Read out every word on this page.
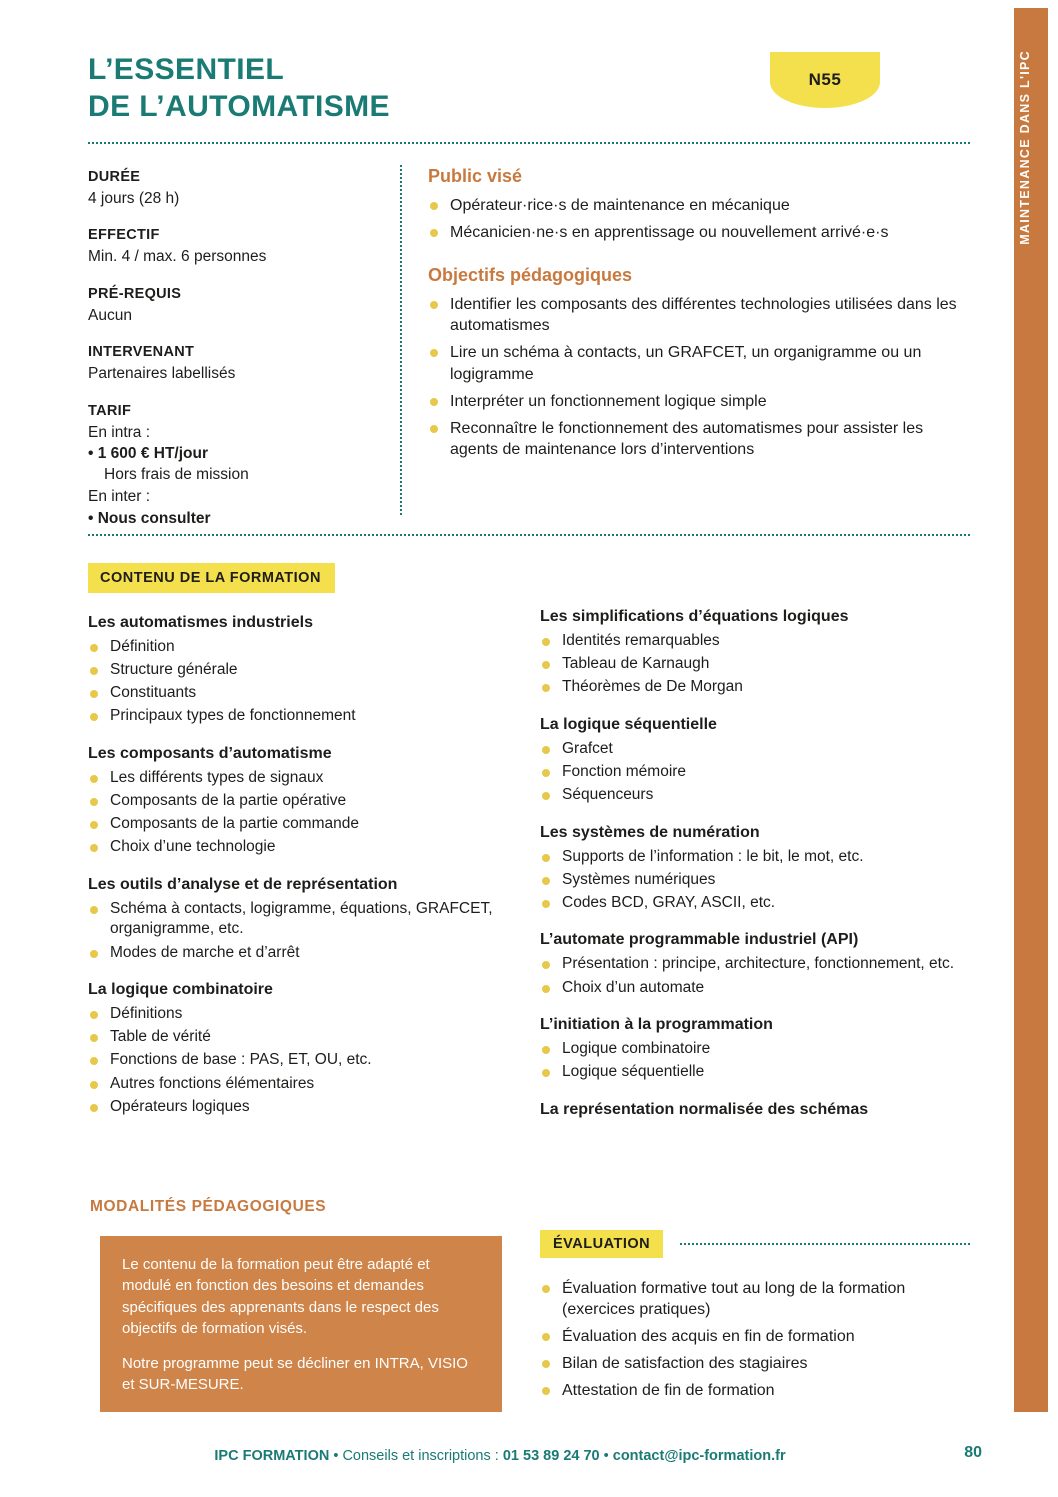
MAINTENANCE DANS L'IPC
L’ESSENTIEL
DE L’AUTOMATISME
N55
DURÉE
4 jours (28 h)
EFFECTIF
Min. 4 / max. 6 personnes
PRÉ-REQUIS
Aucun
INTERVENANT
Partenaires labellisés
TARIF
En intra :
• 1 600 € HT/jour
Hors frais de mission
En inter :
• Nous consulter
Public visé
Opérateur·rice·s de maintenance en mécanique
Mécanicien·ne·s en apprentissage ou nouvellement arrivé·e·s
Objectifs pédagogiques
Identifier les composants des différentes technologies utilisées dans les automatismes
Lire un schéma à contacts, un GRAFCET, un organigramme ou un logigramme
Interpréter un fonctionnement logique simple
Reconnaître le fonctionnement des automatismes pour assister les agents de maintenance lors d’interventions
CONTENU DE LA FORMATION
Les automatismes industriels
Définition
Structure générale
Constituants
Principaux types de fonctionnement
Les composants d’automatisme
Les différents types de signaux
Composants de la partie opérative
Composants de la partie commande
Choix d’une technologie
Les outils d’analyse et de représentation
Schéma à contacts, logigramme, équations, GRAFCET, organigramme, etc.
Modes de marche et d’arrêt
La logique combinatoire
Définitions
Table de vérité
Fonctions de base : PAS, ET, OU, etc.
Autres fonctions élémentaires
Opérateurs logiques
Les simplifications d’équations logiques
Identités remarquables
Tableau de Karnaugh
Théorèmes de De Morgan
La logique séquentielle
Grafcet
Fonction mémoire
Séquenceurs
Les systèmes de numération
Supports de l’information : le bit, le mot, etc.
Systèmes numériques
Codes BCD, GRAY, ASCII, etc.
L’automate programmable industriel (API)
Présentation : principe, architecture, fonctionnement, etc.
Choix d’un automate
L’initiation à la programmation
Logique combinatoire
Logique séquentielle
La représentation normalisée des schémas
MODALITÉS PÉDAGOGIQUES

Le contenu de la formation peut être adapté et modulé en fonction des besoins et demandes spécifiques des apprenants dans le respect des objectifs de formation visés.

Notre programme peut se décliner en INTRA, VISIO et SUR-MESURE.

ÉVALUATION
Évaluation formative tout au long de la formation (exercices pratiques)
Évaluation des acquis en fin de formation
Bilan de satisfaction des stagiaires
Attestation de fin de formation
IPC FORMATION • Conseils et inscriptions : 01 53 89 24 70 • contact@ipc-formation.fr	80
